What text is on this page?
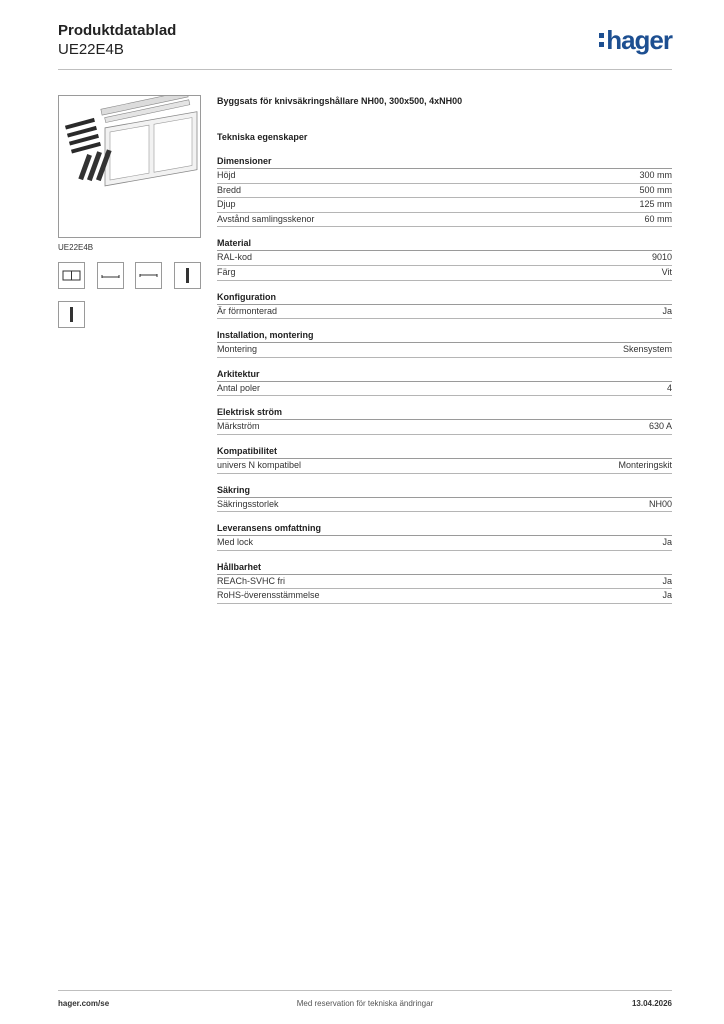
Produktdatablad
UE22E4B	hager
UE22E4B
Byggsats för knivsäkringshållare NH00, 300x500, 4xNH00
Tekniska egenskaper
Dimensioner
Höjd	300 mm
Bredd	500 mm
Djup	125 mm
Avstånd samlingsskenor	60 mm
Material
RAL-kod	9010
Färg	Vit
Konfiguration
Är förmonterad	Ja
Installation, montering
Montering	Skensystem
Arkitektur
Antal poler	4
Elektrisk ström
Märkström	630 A
Kompatibilitet
univers N kompatibel	Monteringskit
Säkring
Säkringsstorlek	NH00
Leveransens omfattning
Med lock	Ja
Hållbarhet
REACh-SVHC fri	Ja
RoHS-överensstämmelse	Ja
hager.com/se	Med reservation för tekniska ändringar	13.04.2026
